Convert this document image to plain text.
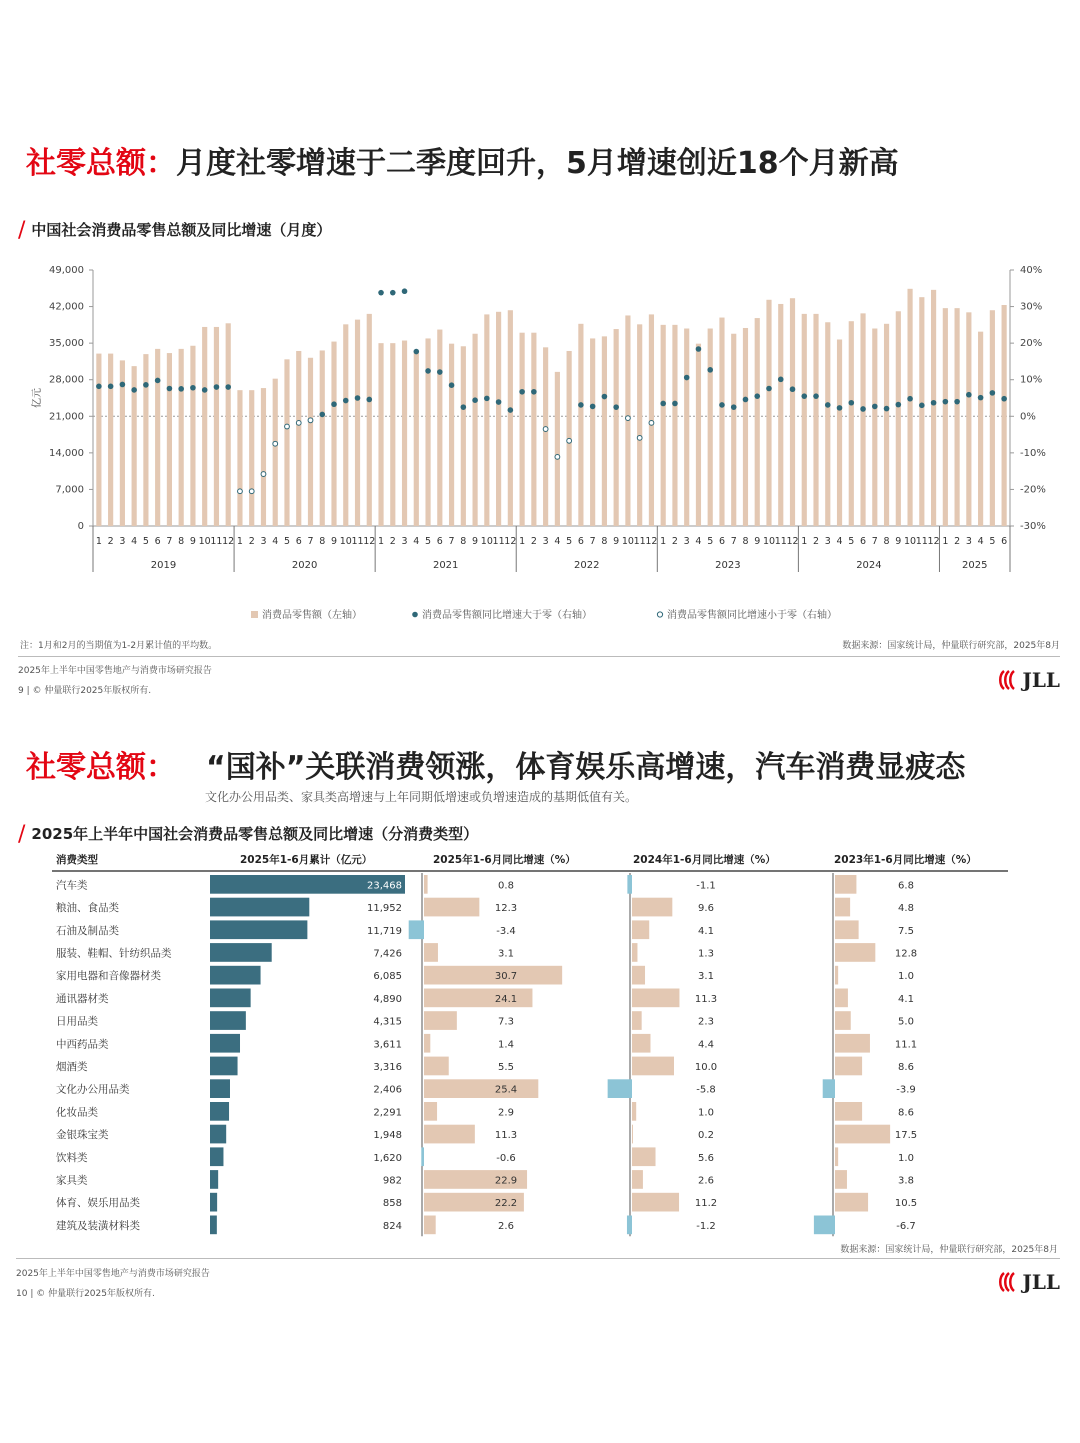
社零总额：月度社零增速于二季度回升，5月增速创近18个月新高
/ 中国社会消费品零售总额及同比增速（月度）
0
7,000
14,000
21,000
28,000
35,000
42,000
49,000
-30%
-20%
-10%
0%
10%
20%
30%
40%
亿元
1 2 3 4 5 6 7 8 9 10 11 12
2019
1 2 3 4 5 6 7 8 9 10 11 12
2020
1 2 3 4 5 6 7 8 9 10 11 12
2021
1 2 3 4 5 6 7 8 9 10 11 12
2022
1 2 3 4 5 6 7 8 9 10 11 12
2023
1 2 3 4 5 6 7 8 9 10 11 12
2024
1 2 3 4 5 6
2025
消费品零售额（左轴）	消费品零售额同比增速大于零（右轴）	消费品零售额同比增速小于零（右轴）
注：1月和2月的当期值为1-2月累计值的平均数。	数据来源：国家统计局，仲量联行研究部，2025年8月
2025年上半年中国零售地产与消费市场研究报告
9 | © 仲量联行2025年版权所有.	JLL
社零总额： “国补”关联消费领涨，体育娱乐高增速，汽车消费显疲态
文化办公用品类、家具类高增速与上年同期低增速或负增速造成的基期低值有关。
/ 2025年上半年中国社会消费品零售总额及同比增速（分消费类型）
消费类型	2025年1-6月累计（亿元）	2025年1-6月同比增速（%）	2024年1-6月同比增速（%）	2023年1-6月同比增速（%）
汽车类	23,468	0.8	-1.1	6.8
粮油、食品类	11,952	12.3	9.6	4.8
石油及制品类	11,719	-3.4	4.1	7.5
服装、鞋帽、针纺织品类	7,426	3.1	1.3	12.8
家用电器和音像器材类	6,085	30.7	3.1	1.0
通讯器材类	4,890	24.1	11.3	4.1
日用品类	4,315	7.3	2.3	5.0
中西药品类	3,611	1.4	4.4	11.1
烟酒类	3,316	5.5	10.0	8.6
文化办公用品类	2,406	25.4	-5.8	-3.9
化妆品类	2,291	2.9	1.0	8.6
金银珠宝类	1,948	11.3	0.2	17.5
饮料类	1,620	-0.6	5.6	1.0
家具类	982	22.9	2.6	3.8
体育、娱乐用品类	858	22.2	11.2	10.5
建筑及装潢材料类	824	2.6	-1.2	-6.7
数据来源：国家统计局，仲量联行研究部，2025年8月
2025年上半年中国零售地产与消费市场研究报告
10 | © 仲量联行2025年版权所有.	JLL
